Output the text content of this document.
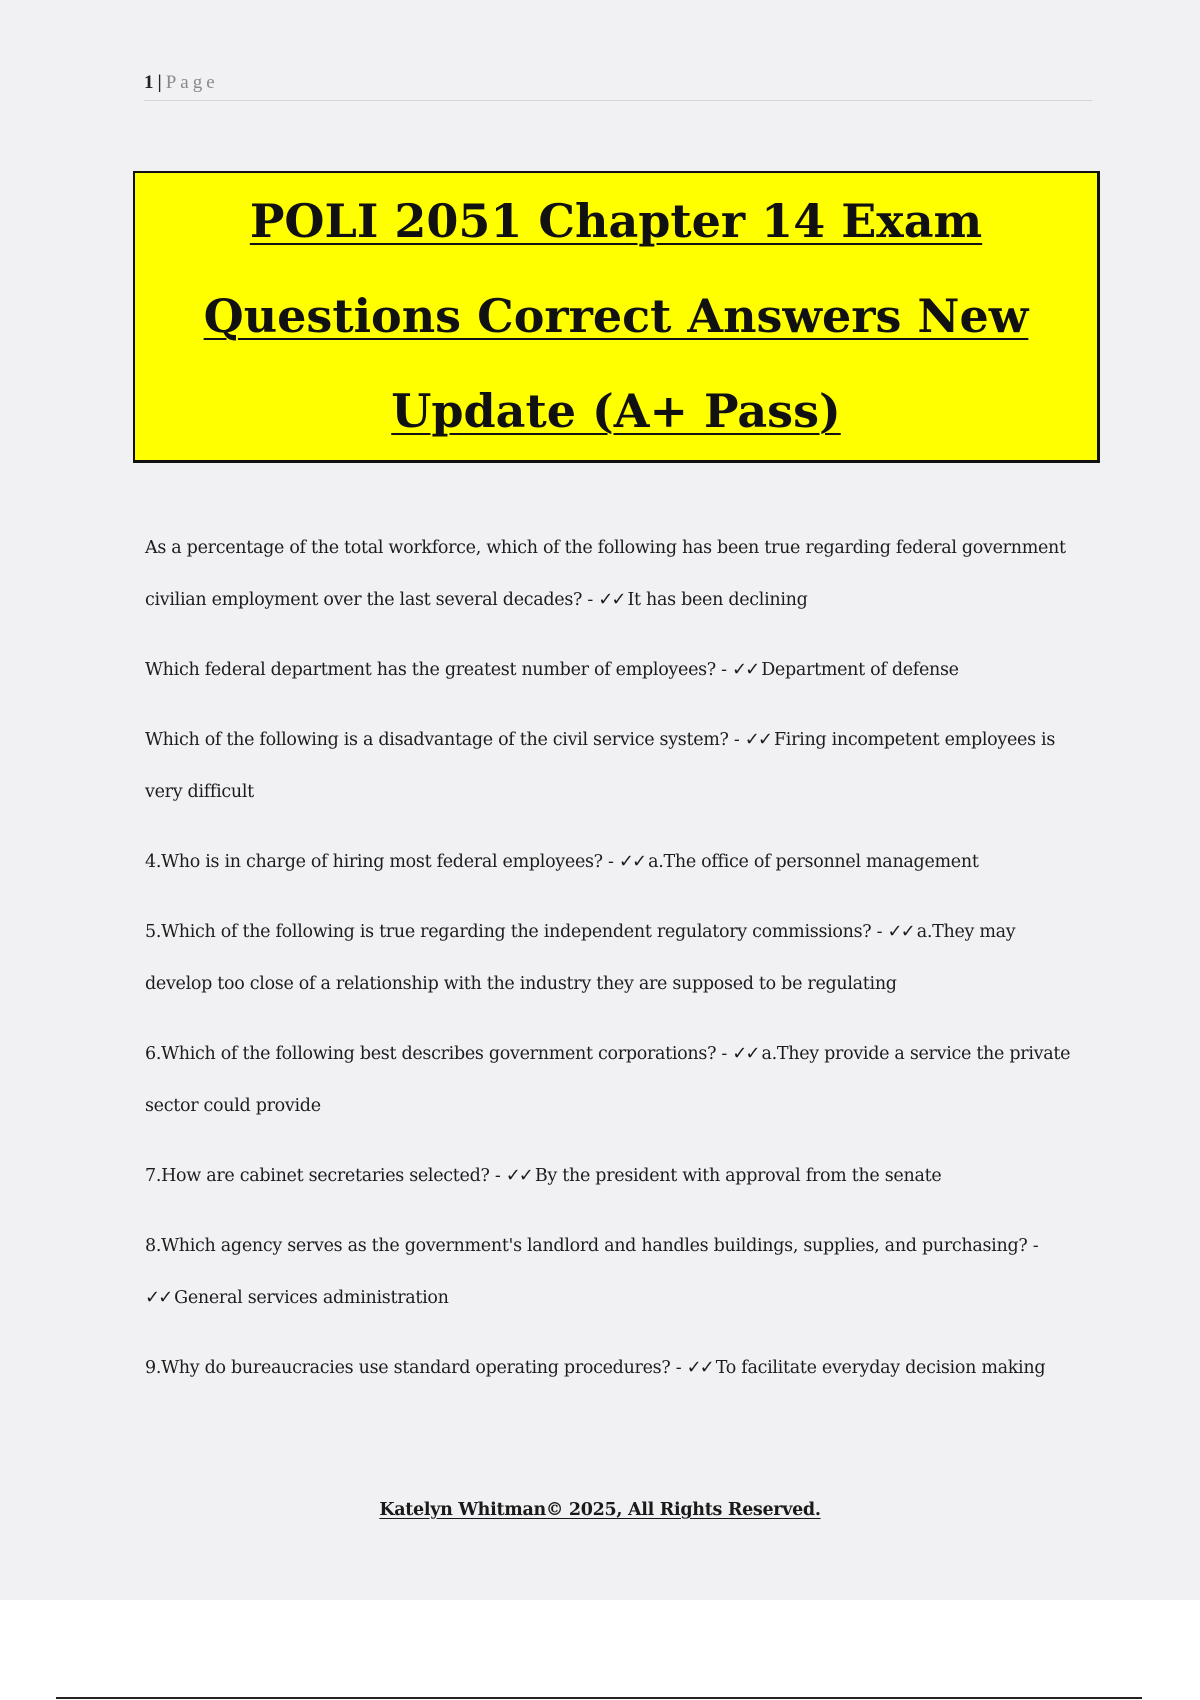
1 | Page
POLI 2051 Chapter 14 Exam Questions Correct Answers New Update (A+ Pass)

As a percentage of the total workforce, which of the following has been true regarding federal government civilian employment over the last several decades? - ✓✓ It has been declining

Which federal department has the greatest number of employees? - ✓✓ Department of defense

Which of the following is a disadvantage of the civil service system? - ✓✓ Firing incompetent employees is very difficult

4.Who is in charge of hiring most federal employees? - ✓✓ a.The office of personnel management

5.Which of the following is true regarding the independent regulatory commissions? - ✓✓ a.They may develop too close of a relationship with the industry they are supposed to be regulating

6.Which of the following best describes government corporations? - ✓✓ a.They provide a service the private sector could provide

7.How are cabinet secretaries selected? - ✓✓ By the president with approval from the senate

8.Which agency serves as the government's landlord and handles buildings, supplies, and purchasing? - ✓✓ General services administration

9.Why do bureaucracies use standard operating procedures? - ✓✓ To facilitate everyday decision making

Katelyn Whitman© 2025, All Rights Reserved.
